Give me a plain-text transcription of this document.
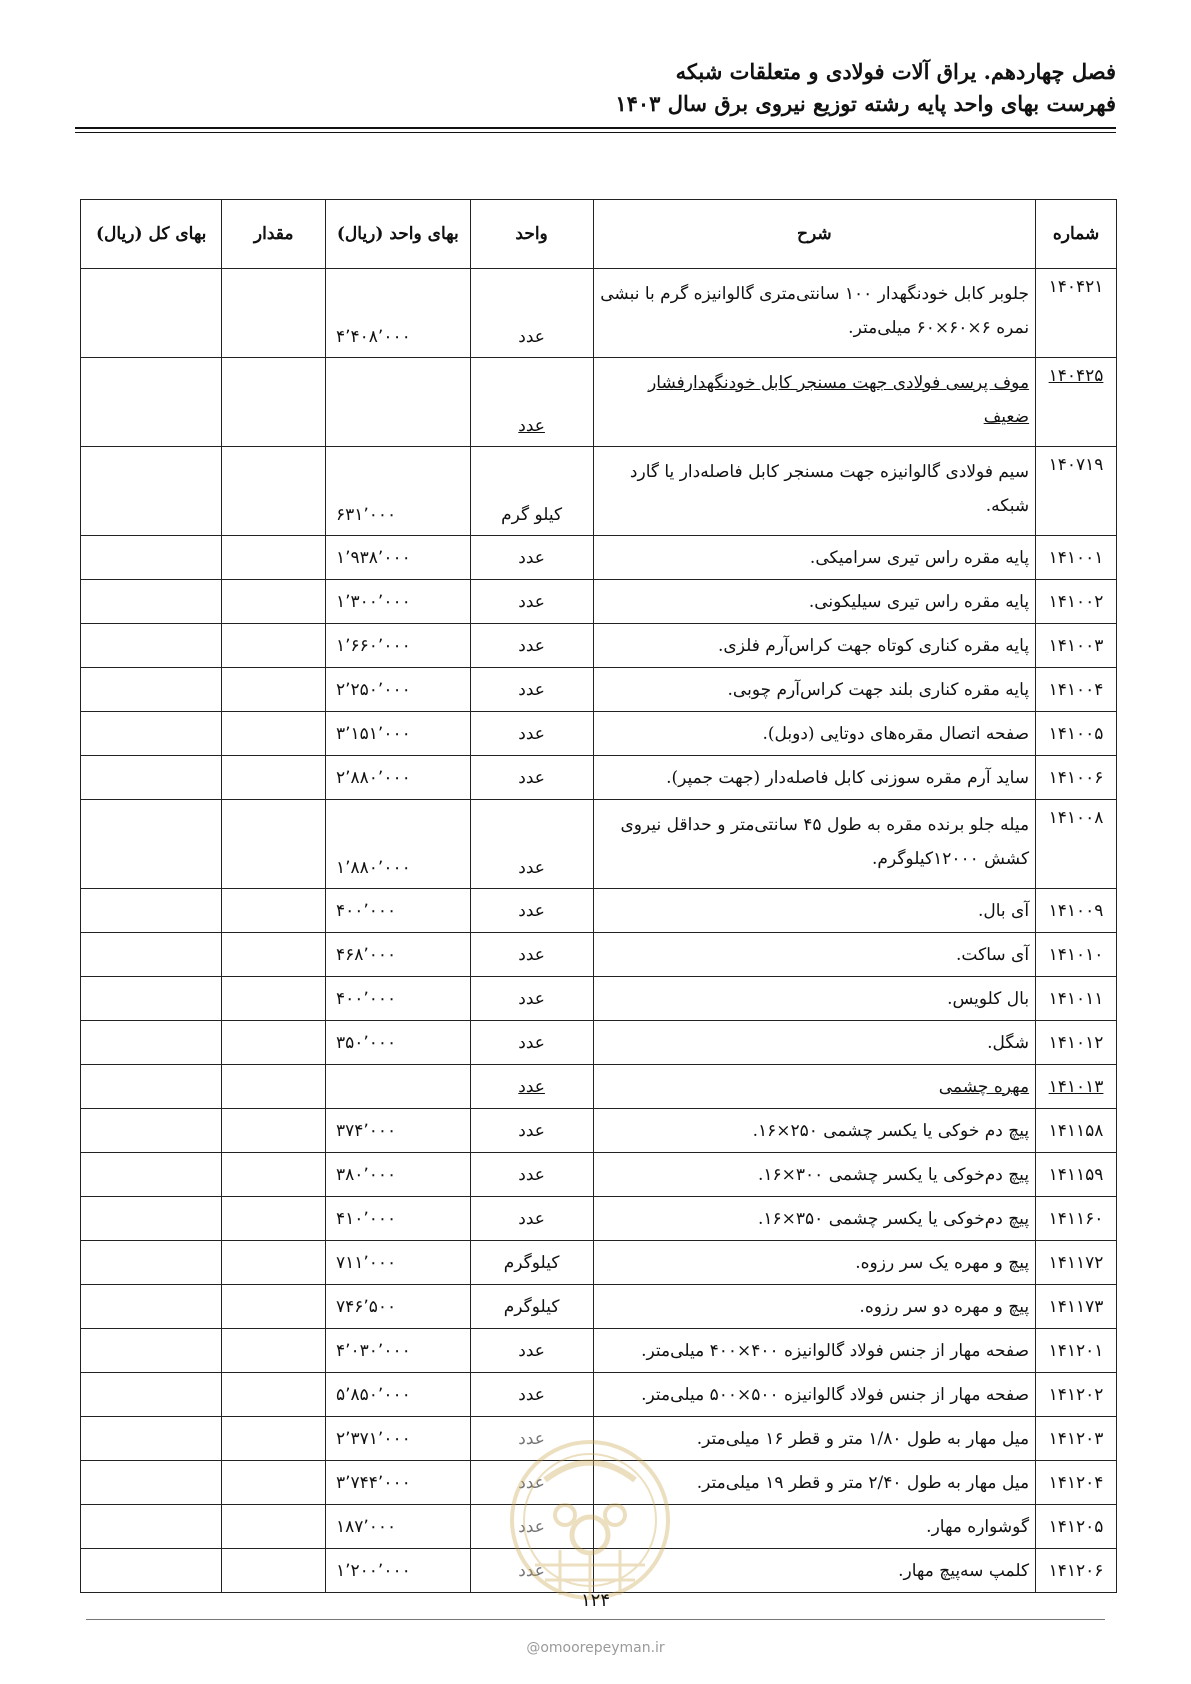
فصل چهاردهم. یراق آلات فولادی و متعلقات شبکه
فهرست بهای واحد پایه رشته توزیع نیروی برق سال ۱۴۰۳
شماره	شرح	واحد	بهای واحد (ریال)	مقدار	بهای کل (ریال)
۱۴۰۴۲۱	جلوبر کابل خودنگهدار ۱۰۰ سانتی‌متری گالوانیزه گرم با نبشی نمره ۶×۶۰×۶۰ میلی‌متر.	عدد	۴٬۴۰۸٬۰۰۰		
۱۴۰۴۲۵	موف پرسی فولادی جهت مسنجر کابل خودنگهدارفشار ضعیف	عدد			
۱۴۰۷۱۹	سیم فولادی گالوانیزه جهت مسنجر کابل فاصله‌دار یا گارد شبکه.	کیلو گرم	۶۳۱٬۰۰۰		
۱۴۱۰۰۱	پایه مقره راس تیری سرامیکی.	عدد	۱٬۹۳۸٬۰۰۰		
۱۴۱۰۰۲	پایه مقره راس تیری سیلیکونی.	عدد	۱٬۳۰۰٬۰۰۰		
۱۴۱۰۰۳	پایه مقره کناری کوتاه جهت کراس‌آرم فلزی.	عدد	۱٬۶۶۰٬۰۰۰		
۱۴۱۰۰۴	پایه مقره کناری بلند جهت کراس‌آرم چوبی.	عدد	۲٬۲۵۰٬۰۰۰		
۱۴۱۰۰۵	صفحه اتصال مقره‌های دوتایی (دوبل).	عدد	۳٬۱۵۱٬۰۰۰		
۱۴۱۰۰۶	ساید آرم مقره سوزنی کابل فاصله‌دار (جهت جمپر).	عدد	۲٬۸۸۰٬۰۰۰		
۱۴۱۰۰۸	میله جلو برنده مقره به طول ۴۵ سانتی‌متر و حداقل نیروی کشش ۱۲۰۰۰کیلوگرم.	عدد	۱٬۸۸۰٬۰۰۰		
۱۴۱۰۰۹	آی بال.	عدد	۴۰۰٬۰۰۰		
۱۴۱۰۱۰	آی ساکت.	عدد	۴۶۸٬۰۰۰		
۱۴۱۰۱۱	بال کلویس.	عدد	۴۰۰٬۰۰۰		
۱۴۱۰۱۲	شگل.	عدد	۳۵۰٬۰۰۰		
۱۴۱۰۱۳	مهره چشمی	عدد			
۱۴۱۱۵۸	پیچ دم خوکی یا یکسر چشمی ۲۵۰×۱۶.	عدد	۳۷۴٬۰۰۰		
۱۴۱۱۵۹	پیچ دم‌خوکی یا یکسر چشمی ۳۰۰×۱۶.	عدد	۳۸۰٬۰۰۰		
۱۴۱۱۶۰	پیچ دم‌خوکی یا یکسر چشمی ۳۵۰×۱۶.	عدد	۴۱۰٬۰۰۰		
۱۴۱۱۷۲	پیچ و مهره یک سر رزوه.	کیلوگرم	۷۱۱٬۰۰۰		
۱۴۱۱۷۳	پیچ و مهره دو سر رزوه.	کیلوگرم	۷۴۶٬۵۰۰		
۱۴۱۲۰۱	صفحه مهار از جنس فولاد گالوانیزه ۴۰۰×۴۰۰ میلی‌متر.	عدد	۴٬۰۳۰٬۰۰۰		
۱۴۱۲۰۲	صفحه مهار از جنس فولاد گالوانیزه ۵۰۰×۵۰۰ میلی‌متر.	عدد	۵٬۸۵۰٬۰۰۰		
۱۴۱۲۰۳	میل مهار به طول ۱/۸۰ متر و قطر ۱۶ میلی‌متر.	عدد	۲٬۳۷۱٬۰۰۰		
۱۴۱۲۰۴	میل مهار به طول ۲/۴۰ متر و قطر ۱۹ میلی‌متر.	عدد	۳٬۷۴۴٬۰۰۰		
۱۴۱۲۰۵	گوشواره مهار.	عدد	۱۸۷٬۰۰۰		
۱۴۱۲۰۶	کلمپ سه‌پیچ مهار.	عدد	۱٬۲۰۰٬۰۰۰		
۱۲۴
@omoorepeyman.ir
